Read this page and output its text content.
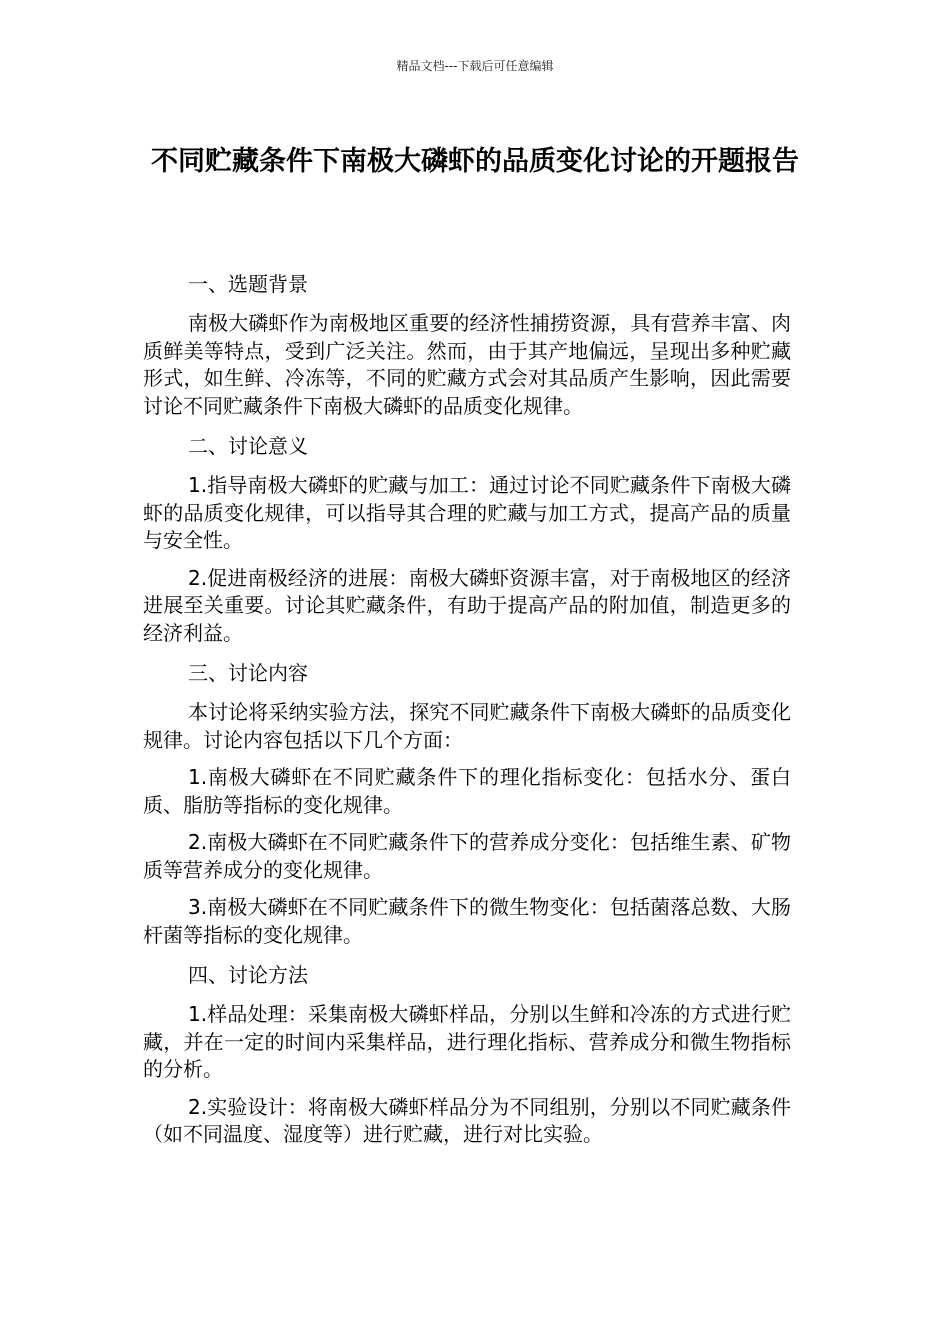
精品文档---下载后可任意编辑
不同贮藏条件下南极大磷虾的品质变化讨论的开题报告
一、选题背景

南极大磷虾作为南极地区重要的经济性捕捞资源，具有营养丰富、肉质鲜美等特点，受到广泛关注。然而，由于其产地偏远，呈现出多种贮藏形式，如生鲜、冷冻等，不同的贮藏方式会对其品质产生影响，因此需要讨论不同贮藏条件下南极大磷虾的品质变化规律。

二、讨论意义

1.指导南极大磷虾的贮藏与加工：通过讨论不同贮藏条件下南极大磷虾的品质变化规律，可以指导其合理的贮藏与加工方式，提高产品的质量与安全性。

2.促进南极经济的进展：南极大磷虾资源丰富，对于南极地区的经济进展至关重要。讨论其贮藏条件，有助于提高产品的附加值，制造更多的经济利益。

三、讨论内容

本讨论将采纳实验方法，探究不同贮藏条件下南极大磷虾的品质变化规律。讨论内容包括以下几个方面：

1.南极大磷虾在不同贮藏条件下的理化指标变化：包括水分、蛋白质、脂肪等指标的变化规律。

2.南极大磷虾在不同贮藏条件下的营养成分变化：包括维生素、矿物质等营养成分的变化规律。

3.南极大磷虾在不同贮藏条件下的微生物变化：包括菌落总数、大肠杆菌等指标的变化规律。

四、讨论方法

1.样品处理：采集南极大磷虾样品，分别以生鲜和冷冻的方式进行贮藏，并在一定的时间内采集样品，进行理化指标、营养成分和微生物指标的分析。

2.实验设计：将南极大磷虾样品分为不同组别，分别以不同贮藏条件（如不同温度、湿度等）进行贮藏，进行对比实验。
